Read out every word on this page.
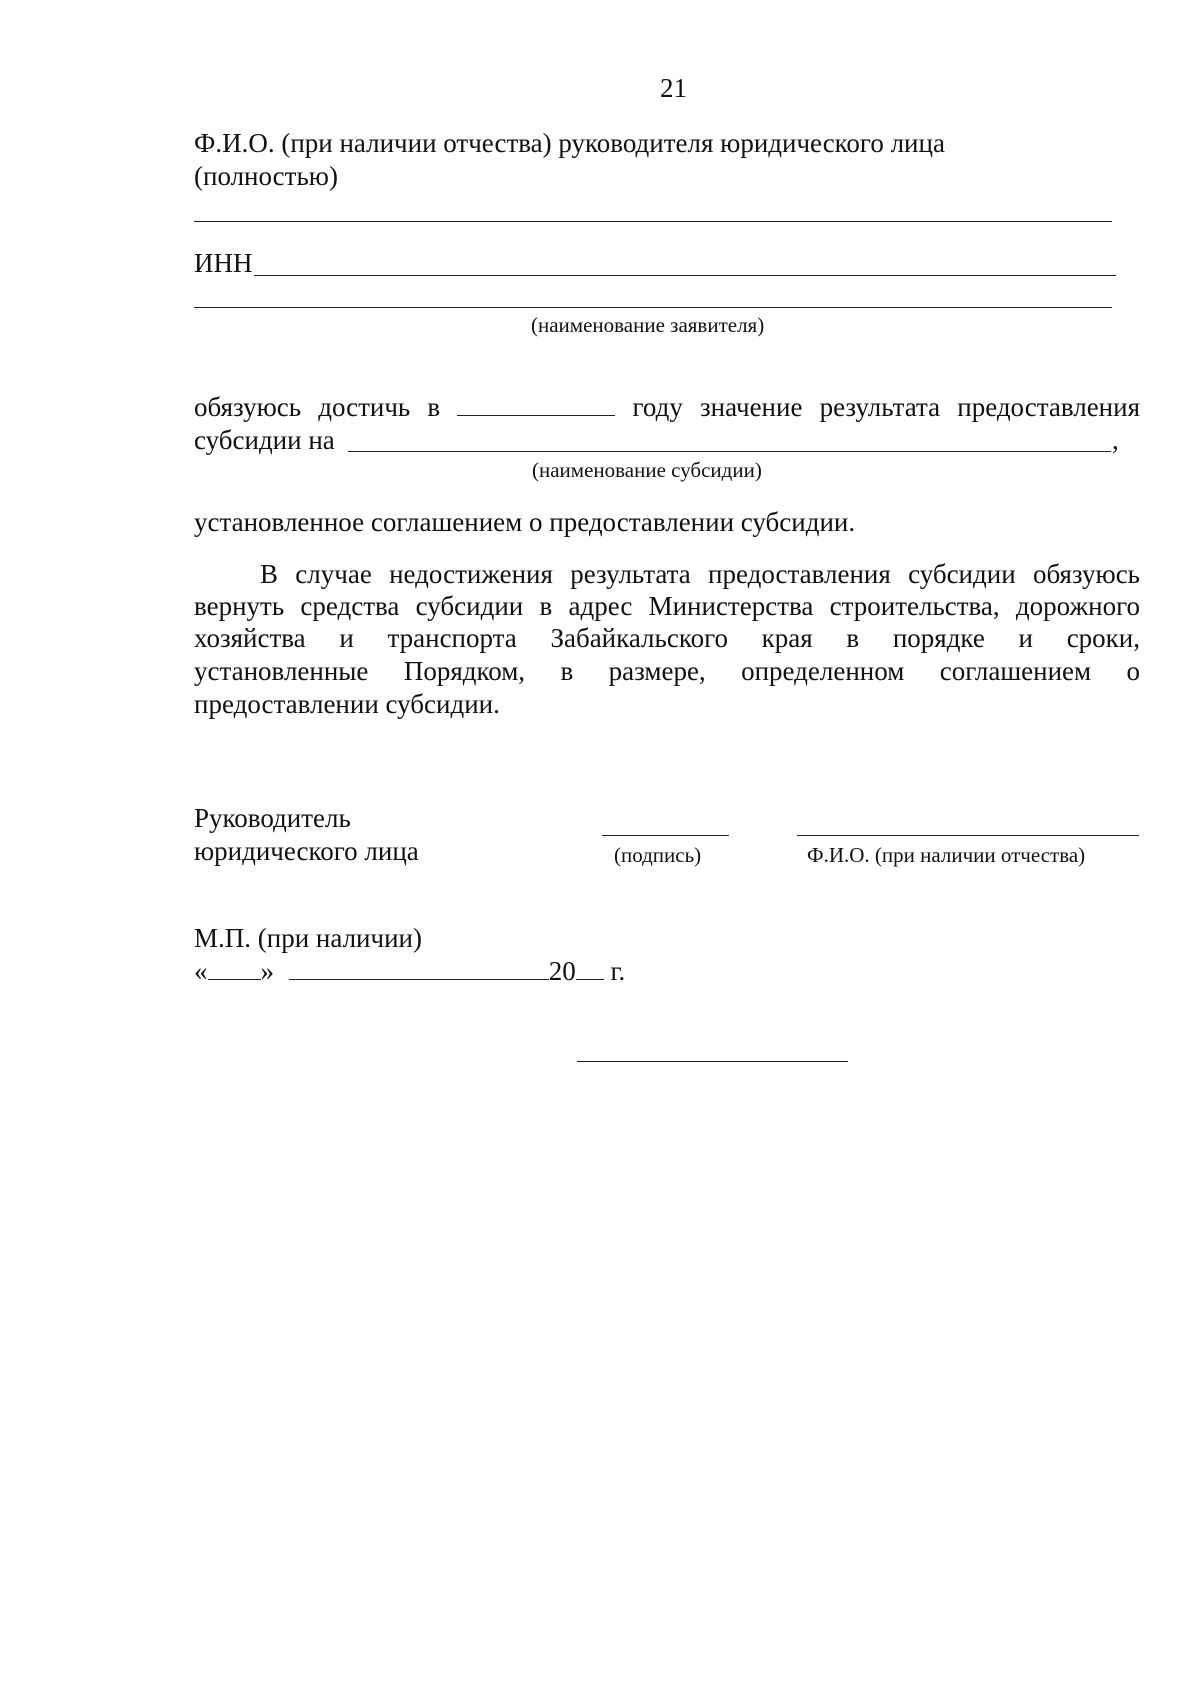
21
Ф.И.О. (при наличии отчества) руководителя юридического лица
(полностью)
ИНН
(наименование заявителя)
обязуюсь достичь в	году значение результата предоставления
субсидии на	,
(наименование субсидии)
установленное соглашением о предоставлении субсидии.
В случае недостижения результата предоставления субсидии обязуюсь
вернуть средства субсидии в адрес Министерства строительства, дорожного
хозяйства и транспорта Забайкальского края в порядке и сроки,
установленные Порядком, в размере, определенном соглашением о
предоставлении субсидии.
Руководитель
юридического лица	(подпись)	Ф.И.О. (при наличии отчества)
М.П. (при наличии)
« »	20 г.
